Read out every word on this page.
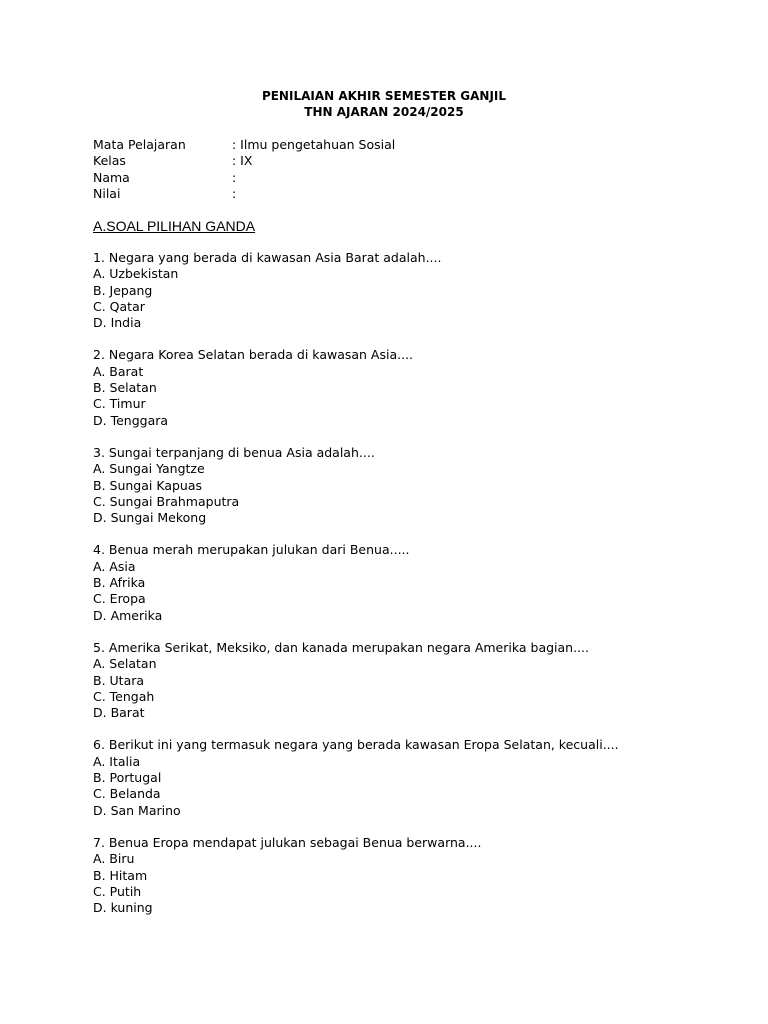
PENILAIAN AKHIR SEMESTER GANJIL
THN AJARAN 2024/2025
Mata Pelajaran	: Ilmu pengetahuan Sosial
Kelas	: IX
Nama	:
Nilai	:
A.SOAL PILIHAN GANDA
1. Negara yang berada di kawasan Asia Barat adalah....
A. Uzbekistan
B. Jepang
C. Qatar
D. India
2. Negara Korea Selatan berada di kawasan Asia....
A. Barat
B. Selatan
C. Timur
D. Tenggara
3. Sungai terpanjang di benua Asia adalah....
A. Sungai Yangtze
B. Sungai Kapuas
C. Sungai Brahmaputra
D. Sungai Mekong
4. Benua merah merupakan julukan dari Benua.....
A. Asia
B. Afrika
C. Eropa
D. Amerika
5. Amerika Serikat, Meksiko, dan kanada merupakan negara Amerika bagian....
A. Selatan
B. Utara
C. Tengah
D. Barat
6. Berikut ini yang termasuk negara yang berada kawasan Eropa Selatan, kecuali....
A. Italia
B. Portugal
C. Belanda
D. San Marino
7. Benua Eropa mendapat julukan sebagai Benua berwarna....
A. Biru
B. Hitam
C. Putih
D. kuning
